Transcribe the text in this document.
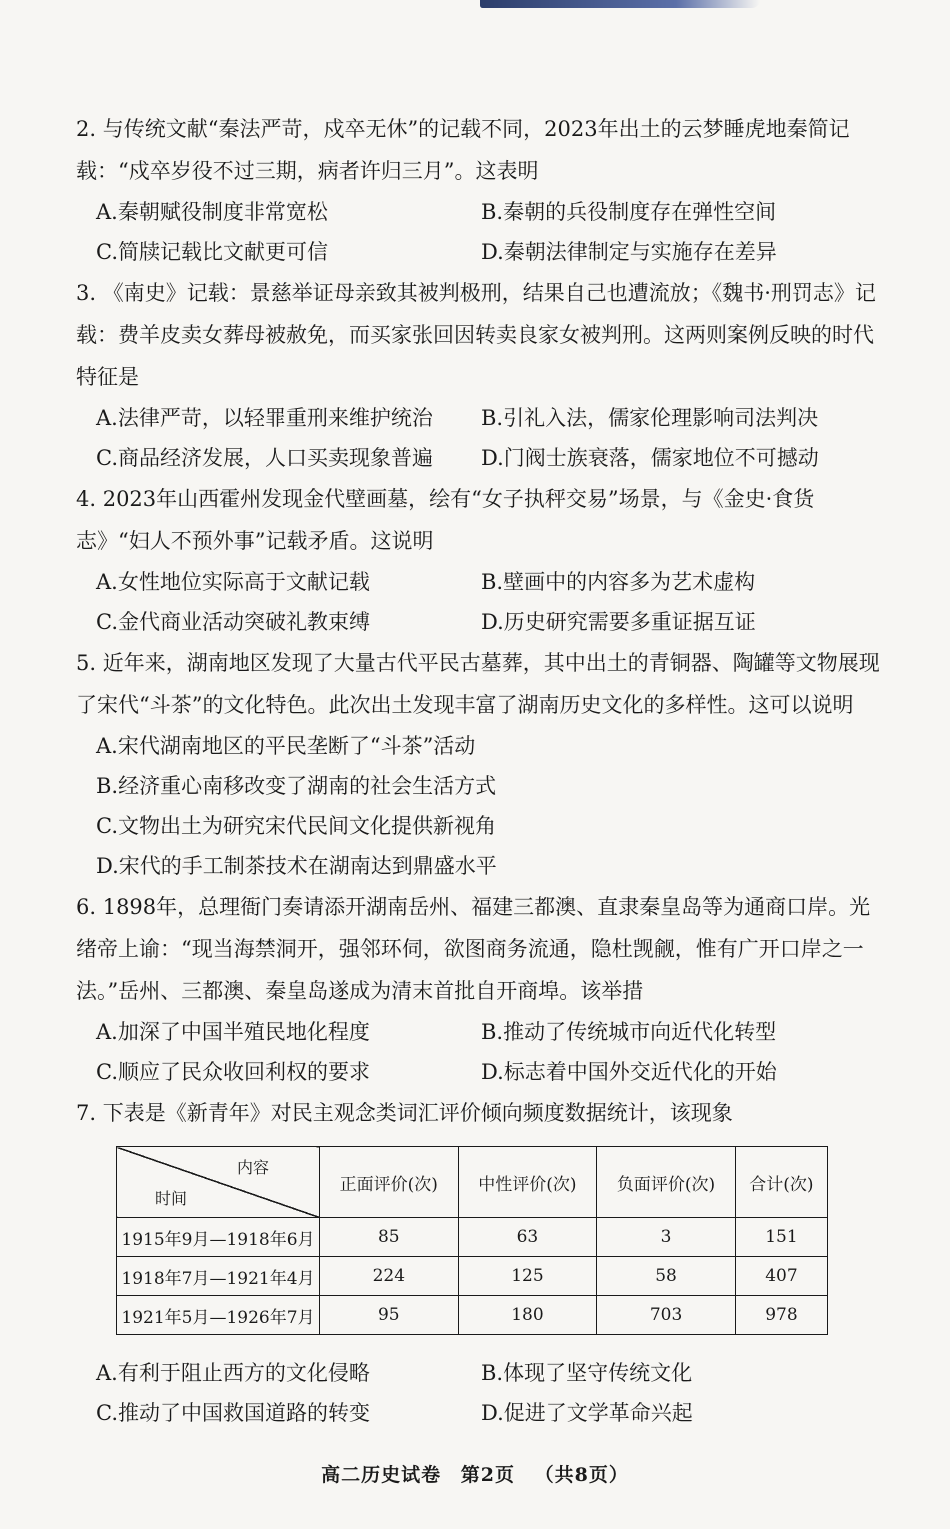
2. 与传统文献“秦法严苛，戍卒无休”的记载不同，2023年出土的云梦睡虎地秦简记载：“戍卒岁役不过三期，病者许归三月”。这表明

A.秦朝赋役制度非常宽松	B.秦朝的兵役制度存在弹性空间
C.简牍记载比文献更可信	D.秦朝法律制定与实施存在差异

3. 《南史》记载：景慈举证母亲致其被判极刑，结果自己也遭流放；《魏书·刑罚志》记载：费羊皮卖女葬母被赦免，而买家张回因转卖良家女被判刑。这两则案例反映的时代特征是

A.法律严苛，以轻罪重刑来维护统治	B.引礼入法，儒家伦理影响司法判决
C.商品经济发展，人口买卖现象普遍	D.门阀士族衰落，儒家地位不可撼动

4. 2023年山西霍州发现金代壁画墓，绘有“女子执秤交易”场景，与《金史·食货志》“妇人不预外事”记载矛盾。这说明

A.女性地位实际高于文献记载	B.壁画中的内容多为艺术虚构
C.金代商业活动突破礼教束缚	D.历史研究需要多重证据互证

5. 近年来，湖南地区发现了大量古代平民古墓葬，其中出土的青铜器、陶罐等文物展现了宋代“斗茶”的文化特色。此次出土发现丰富了湖南历史文化的多样性。这可以说明

A.宋代湖南地区的平民垄断了“斗茶”活动
B.经济重心南移改变了湖南的社会生活方式
C.文物出土为研究宋代民间文化提供新视角
D.宋代的手工制茶技术在湖南达到鼎盛水平

6. 1898年，总理衙门奏请添开湖南岳州、福建三都澳、直隶秦皇岛等为通商口岸。光绪帝上谕：“现当海禁洞开，强邻环伺，欲图商务流通，隐杜觊觎，惟有广开口岸之一法。”岳州、三都澳、秦皇岛遂成为清末首批自开商埠。该举措

A.加深了中国半殖民地化程度	B.推动了传统城市向近代化转型
C.顺应了民众收回利权的要求	D.标志着中国外交近代化的开始

7. 下表是《新青年》对民主观念类词汇评价倾向频度数据统计，该现象

内容
时间	正面评价(次)	中性评价(次)	负面评价(次)	合计(次)
1915年9月—1918年6月	85	63	3	151
1918年7月—1921年4月	224	125	58	407
1921年5月—1926年7月	95	180	703	978
A.有利于阻止西方的文化侵略	B.体现了坚守传统文化
C.推动了中国救国道路的转变	D.促进了文学革命兴起
高二历史试卷 第2页 （共8页）
